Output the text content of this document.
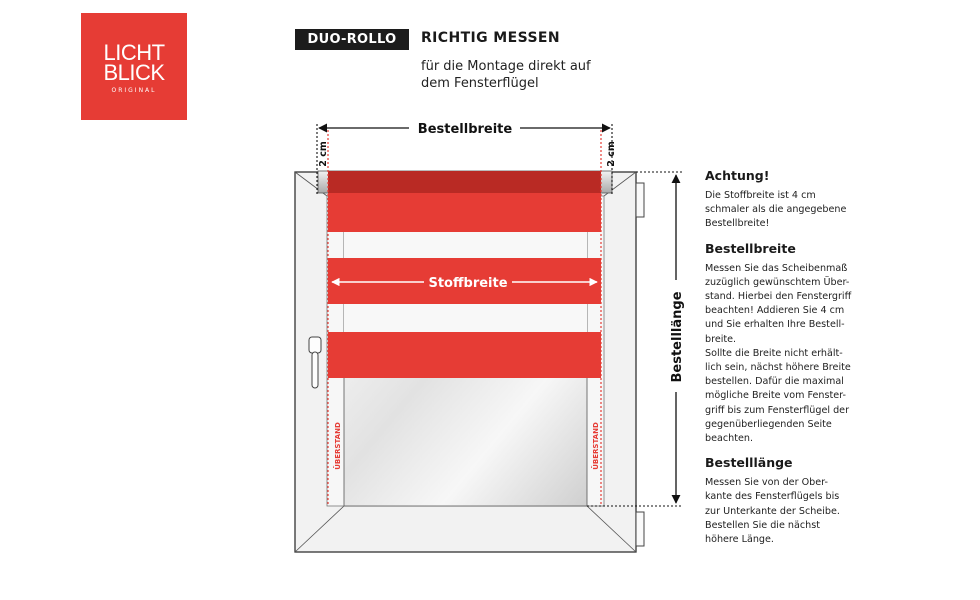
LICHT
BLICK
ORIGINAL
DUO-ROLLO	RICHTIG MESSEN
für die Montage direkt auf dem Fensterflügel
Stoffbreite
ÜBERSTAND	ÜBERSTAND
Bestellbreite
2 cm	2 cm
Bestelllänge
Achtung!
Die Stoffbreite ist 4 cm
schmaler als die angegebene
Bestellbreite!
Bestellbreite
Messen Sie das Scheibenmaß
zuzüglich gewünschtem Über-
stand. Hierbei den Fenstergriff
beachten! Addieren Sie 4 cm
und Sie erhalten Ihre Bestell-
breite.
Sollte die Breite nicht erhält-
lich sein, nächst höhere Breite
bestellen. Dafür die maximal
mögliche Breite vom Fenster-
griff bis zum Fensterflügel der
gegenüberliegenden Seite
beachten.
Bestelllänge
Messen Sie von der Ober-
kante des Fensterflügels bis
zur Unterkante der Scheibe.
Bestellen Sie die nächst
höhere Länge.
